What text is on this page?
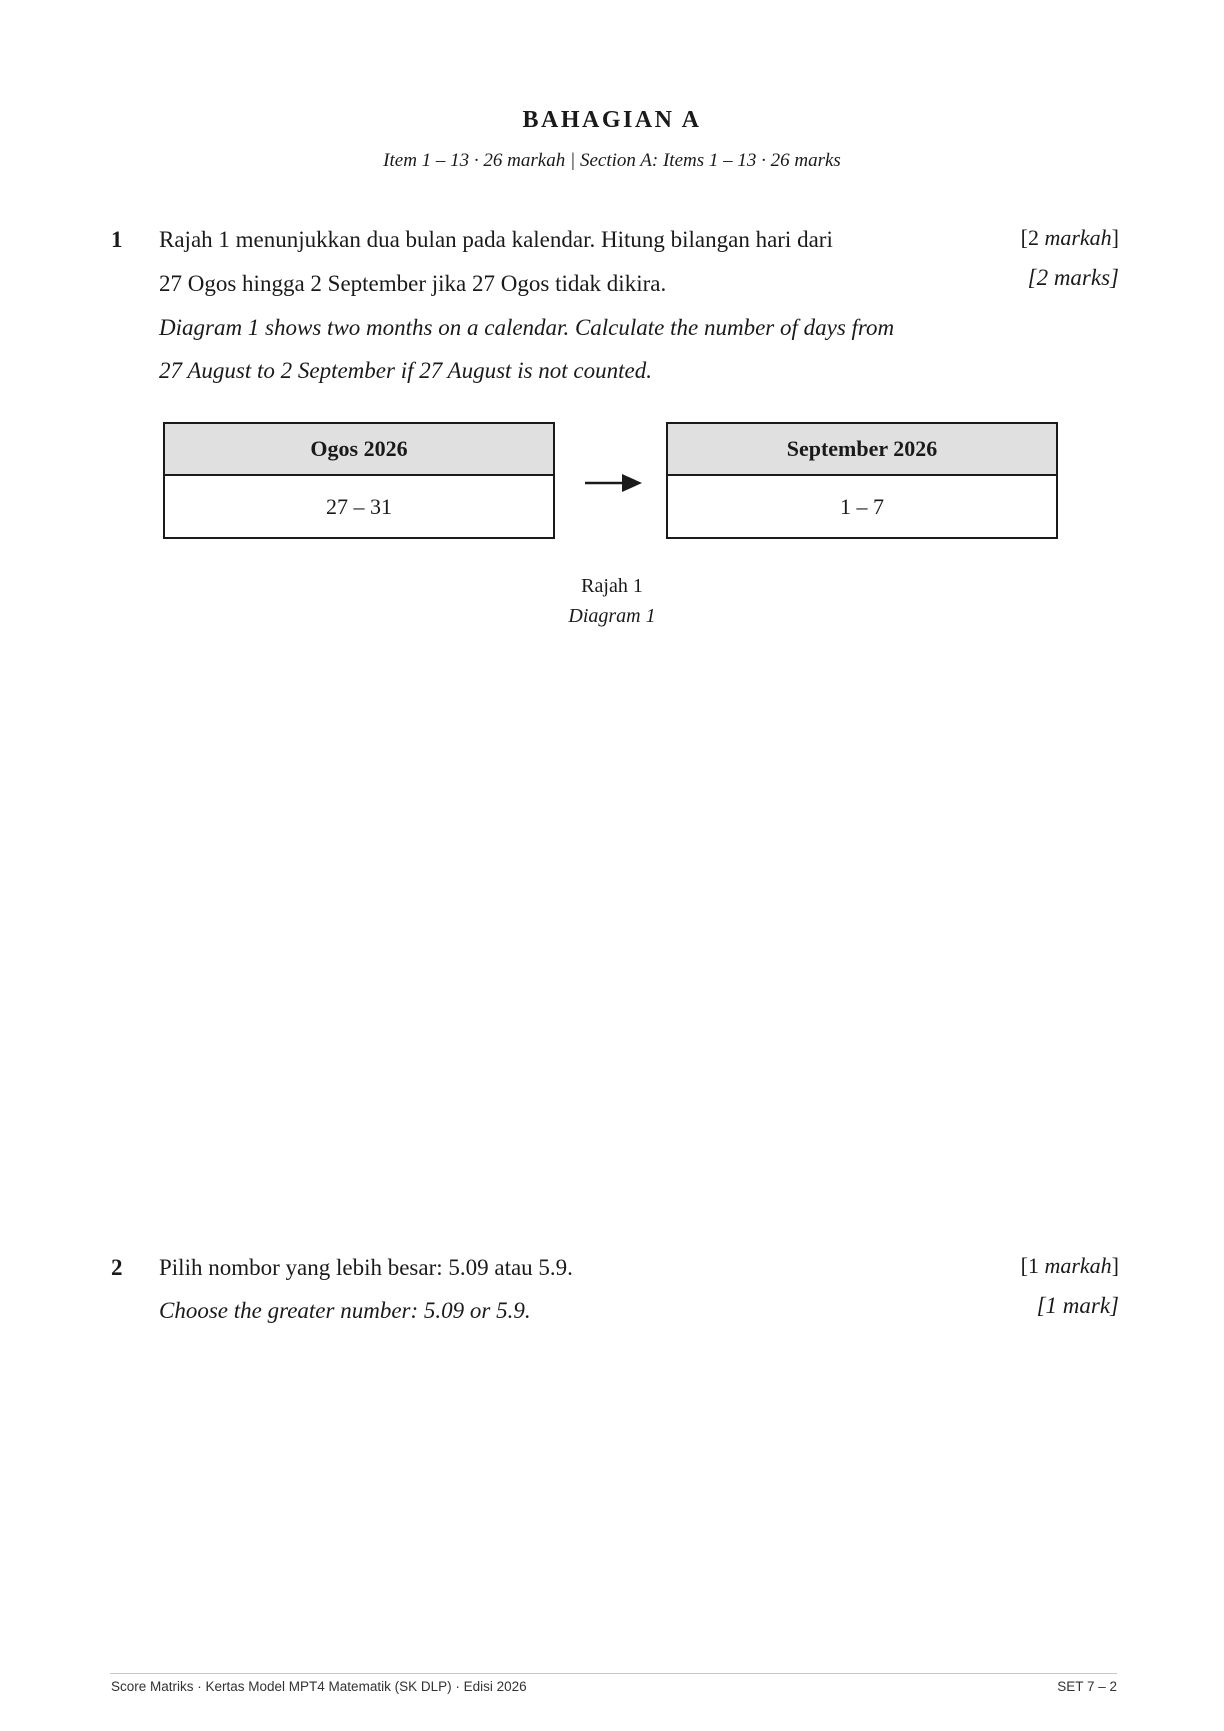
BAHAGIAN A
Item 1 – 13 · 26 markah | Section A: Items 1 – 13 · 26 marks
1 Rajah 1 menunjukkan dua bulan pada kalendar. Hitung bilangan hari dari
27 Ogos hingga 2 September jika 27 Ogos tidak dikira.
Diagram 1 shows two months on a calendar. Calculate the number of days from
27 August to 2 September if 27 August is not counted.
[2 markah]
[2 marks]
Ogos 2026
27 – 31
September 2026
1 – 7
Rajah 1
Diagram 1
2 Pilih nombor yang lebih besar: 5.09 atau 5.9.
Choose the greater number: 5.09 or 5.9.
[1 markah]
[1 mark]
Score Matriks · Kertas Model MPT4 Matematik (SK DLP) · Edisi 2026	SET 7 – 2
